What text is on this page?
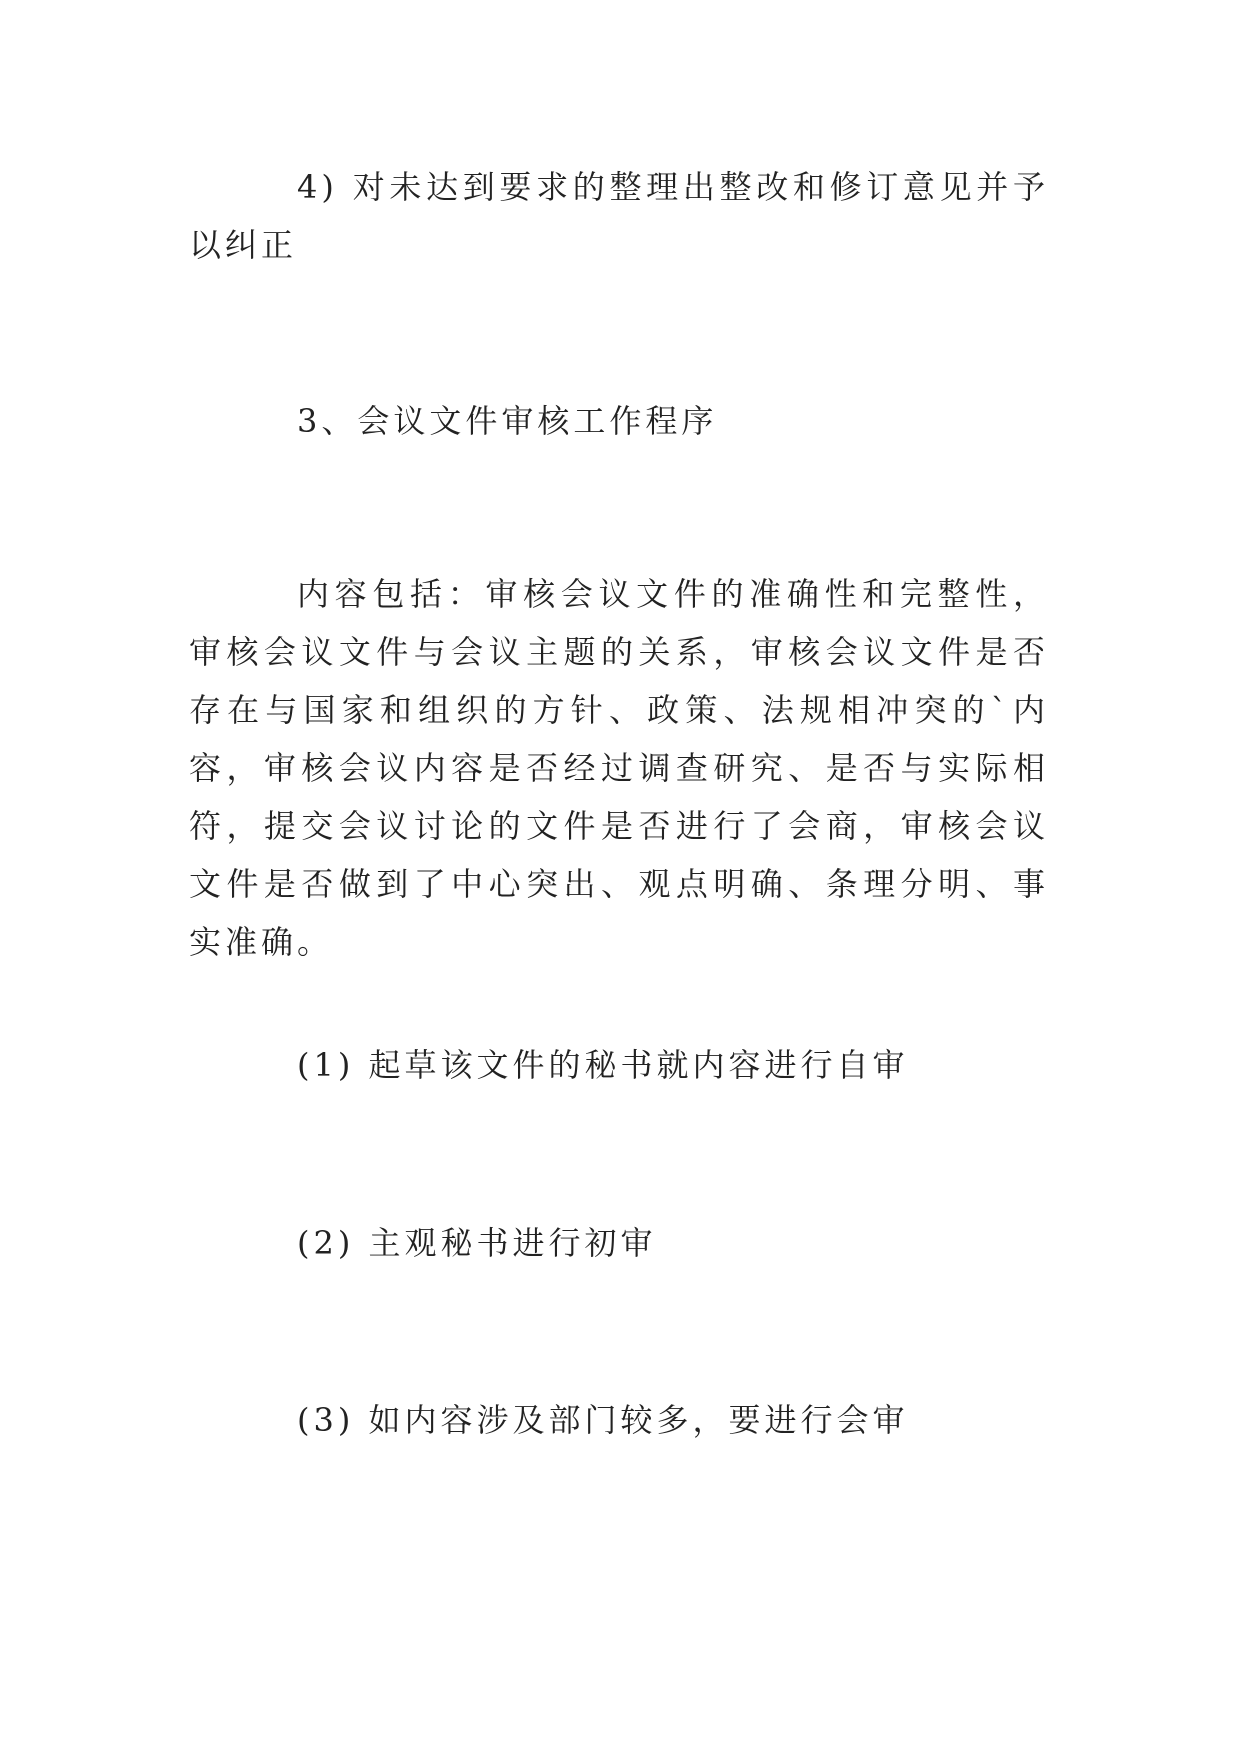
4) 对未达到要求的整理出整改和修订意见并予以纠正

3、会议文件审核工作程序

内容包括：审核会议文件的准确性和完整性，审核会议文件与会议主题的关系，审核会议文件是否存在与国家和组织的方针、政策、法规相冲突的`内容，审核会议内容是否经过调查研究、是否与实际相符，提交会议讨论的文件是否进行了会商，审核会议文件是否做到了中心突出、观点明确、条理分明、事实准确。

(1) 起草该文件的秘书就内容进行自审

(2) 主观秘书进行初审

(3) 如内容涉及部门较多，要进行会审
